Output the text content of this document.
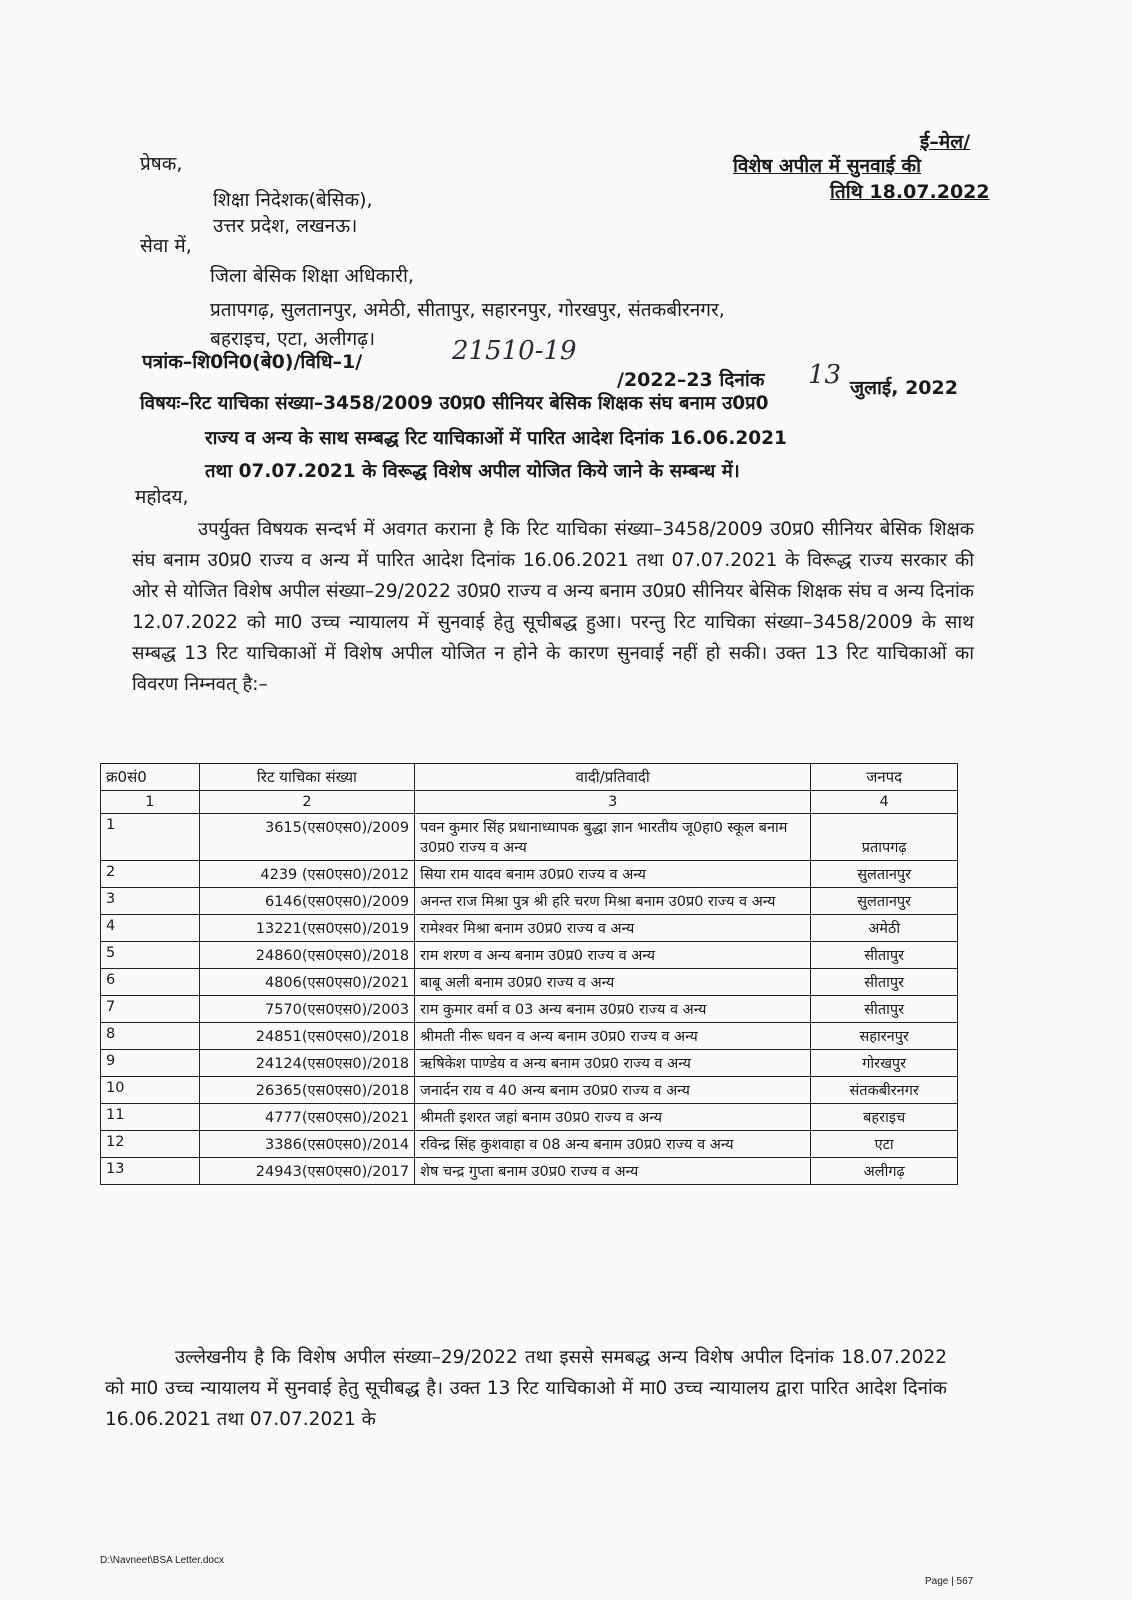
ई–मेल/
विशेष अपील में सुनवाई की
तिथि 18.07.2022
प्रेषक,
शिक्षा निदेशक(बेसिक),
उत्तर प्रदेश, लखनऊ।
सेवा में,
जिला बेसिक शिक्षा अधिकारी,
प्रतापगढ़, सुलतानपुर, अमेठी, सीतापुर, सहारनपुर, गोरखपुर, संतकबीरनगर,
बहराइच, एटा, अलीगढ़।
पत्रांक–शि0नि0(बे0)/विधि–1/	21510-19
/2022–23 दिनांक 13 जुलाई, 2022
विषयः–रिट याचिका संख्या–3458/2009 उ0प्र0 सीनियर बेसिक शिक्षक संघ बनाम उ0प्र0
राज्य व अन्य के साथ सम्बद्ध रिट याचिकाओं में पारित आदेश दिनांक 16.06.2021
तथा 07.07.2021 के विरूद्ध विशेष अपील योजित किये जाने के सम्बन्ध में।
महोदय,
उपर्युक्त विषयक सन्दर्भ में अवगत कराना है कि रिट याचिका संख्या–3458/2009 उ0प्र0 सीनियर बेसिक शिक्षक संघ बनाम उ0प्र0 राज्य व अन्य में पारित आदेश दिनांक 16.06.2021 तथा 07.07.2021 के विरूद्ध राज्य सरकार की ओर से योजित विशेष अपील संख्या–29/2022 उ0प्र0 राज्य व अन्य बनाम उ0प्र0 सीनियर बेसिक शिक्षक संघ व अन्य दिनांक 12.07.2022 को मा0 उच्च न्यायालय में सुनवाई हेतु सूचीबद्ध हुआ। परन्तु रिट याचिका संख्या–3458/2009 के साथ सम्बद्ध 13 रिट याचिकाओं में विशेष अपील योजित न होने के कारण सुनवाई नहीं हो सकी। उक्त 13 रिट याचिकाओं का विवरण निम्नवत् है:–
क्र0सं0	रिट याचिका संख्या	वादी/प्रतिवादी	जनपद
1	2	3	4
1	3615(एस0एस0)/2009	पवन कुमार सिंह प्रधानाध्यापक बुद्धा ज्ञान भारतीय जू0हा0 स्कूल बनाम उ0प्र0 राज्य व अन्य	प्रतापगढ़
2	4239 (एस0एस0)/2012	सिया राम यादव बनाम उ0प्र0 राज्य व अन्य	सुलतानपुर
3	6146(एस0एस0)/2009	अनन्त राज मिश्रा पुत्र श्री हरि चरण मिश्रा बनाम उ0प्र0 राज्य व अन्य	सुलतानपुर
4	13221(एस0एस0)/2019	रामेश्वर मिश्रा बनाम उ0प्र0 राज्य व अन्य	अमेठी
5	24860(एस0एस0)/2018	राम शरण व अन्य बनाम उ0प्र0 राज्य व अन्य	सीतापुर
6	4806(एस0एस0)/2021	बाबू अली बनाम उ0प्र0 राज्य व अन्य	सीतापुर
7	7570(एस0एस0)/2003	राम कुमार वर्मा व 03 अन्य बनाम उ0प्र0 राज्य व अन्य	सीतापुर
8	24851(एस0एस0)/2018	श्रीमती नीरू धवन व अन्य बनाम उ0प्र0 राज्य व अन्य	सहारनपुर
9	24124(एस0एस0)/2018	ऋषिकेश पाण्डेय व अन्य बनाम उ0प्र0 राज्य व अन्य	गोरखपुर
10	26365(एस0एस0)/2018	जनार्दन राय व 40 अन्य बनाम उ0प्र0 राज्य व अन्य	संतकबीरनगर
11	4777(एस0एस0)/2021	श्रीमती इशरत जहां बनाम उ0प्र0 राज्य व अन्य	बहराइच
12	3386(एस0एस0)/2014	रविन्द्र सिंह कुशवाहा व 08 अन्य बनाम उ0प्र0 राज्य व अन्य	एटा
13	24943(एस0एस0)/2017	शेष चन्द्र गुप्ता बनाम उ0प्र0 राज्य व अन्य	अलीगढ़
उल्लेखनीय है कि विशेष अपील संख्या–29/2022 तथा इससे समबद्ध अन्य विशेष अपील दिनांक 18.07.2022 को मा0 उच्च न्यायालय में सुनवाई हेतु सूचीबद्ध है। उक्त 13 रिट याचिकाओ में मा0 उच्च न्यायालय द्वारा पारित आदेश दिनांक 16.06.2021 तथा 07.07.2021 के
D:\Navneet\BSA Letter.docx
Page | 567
